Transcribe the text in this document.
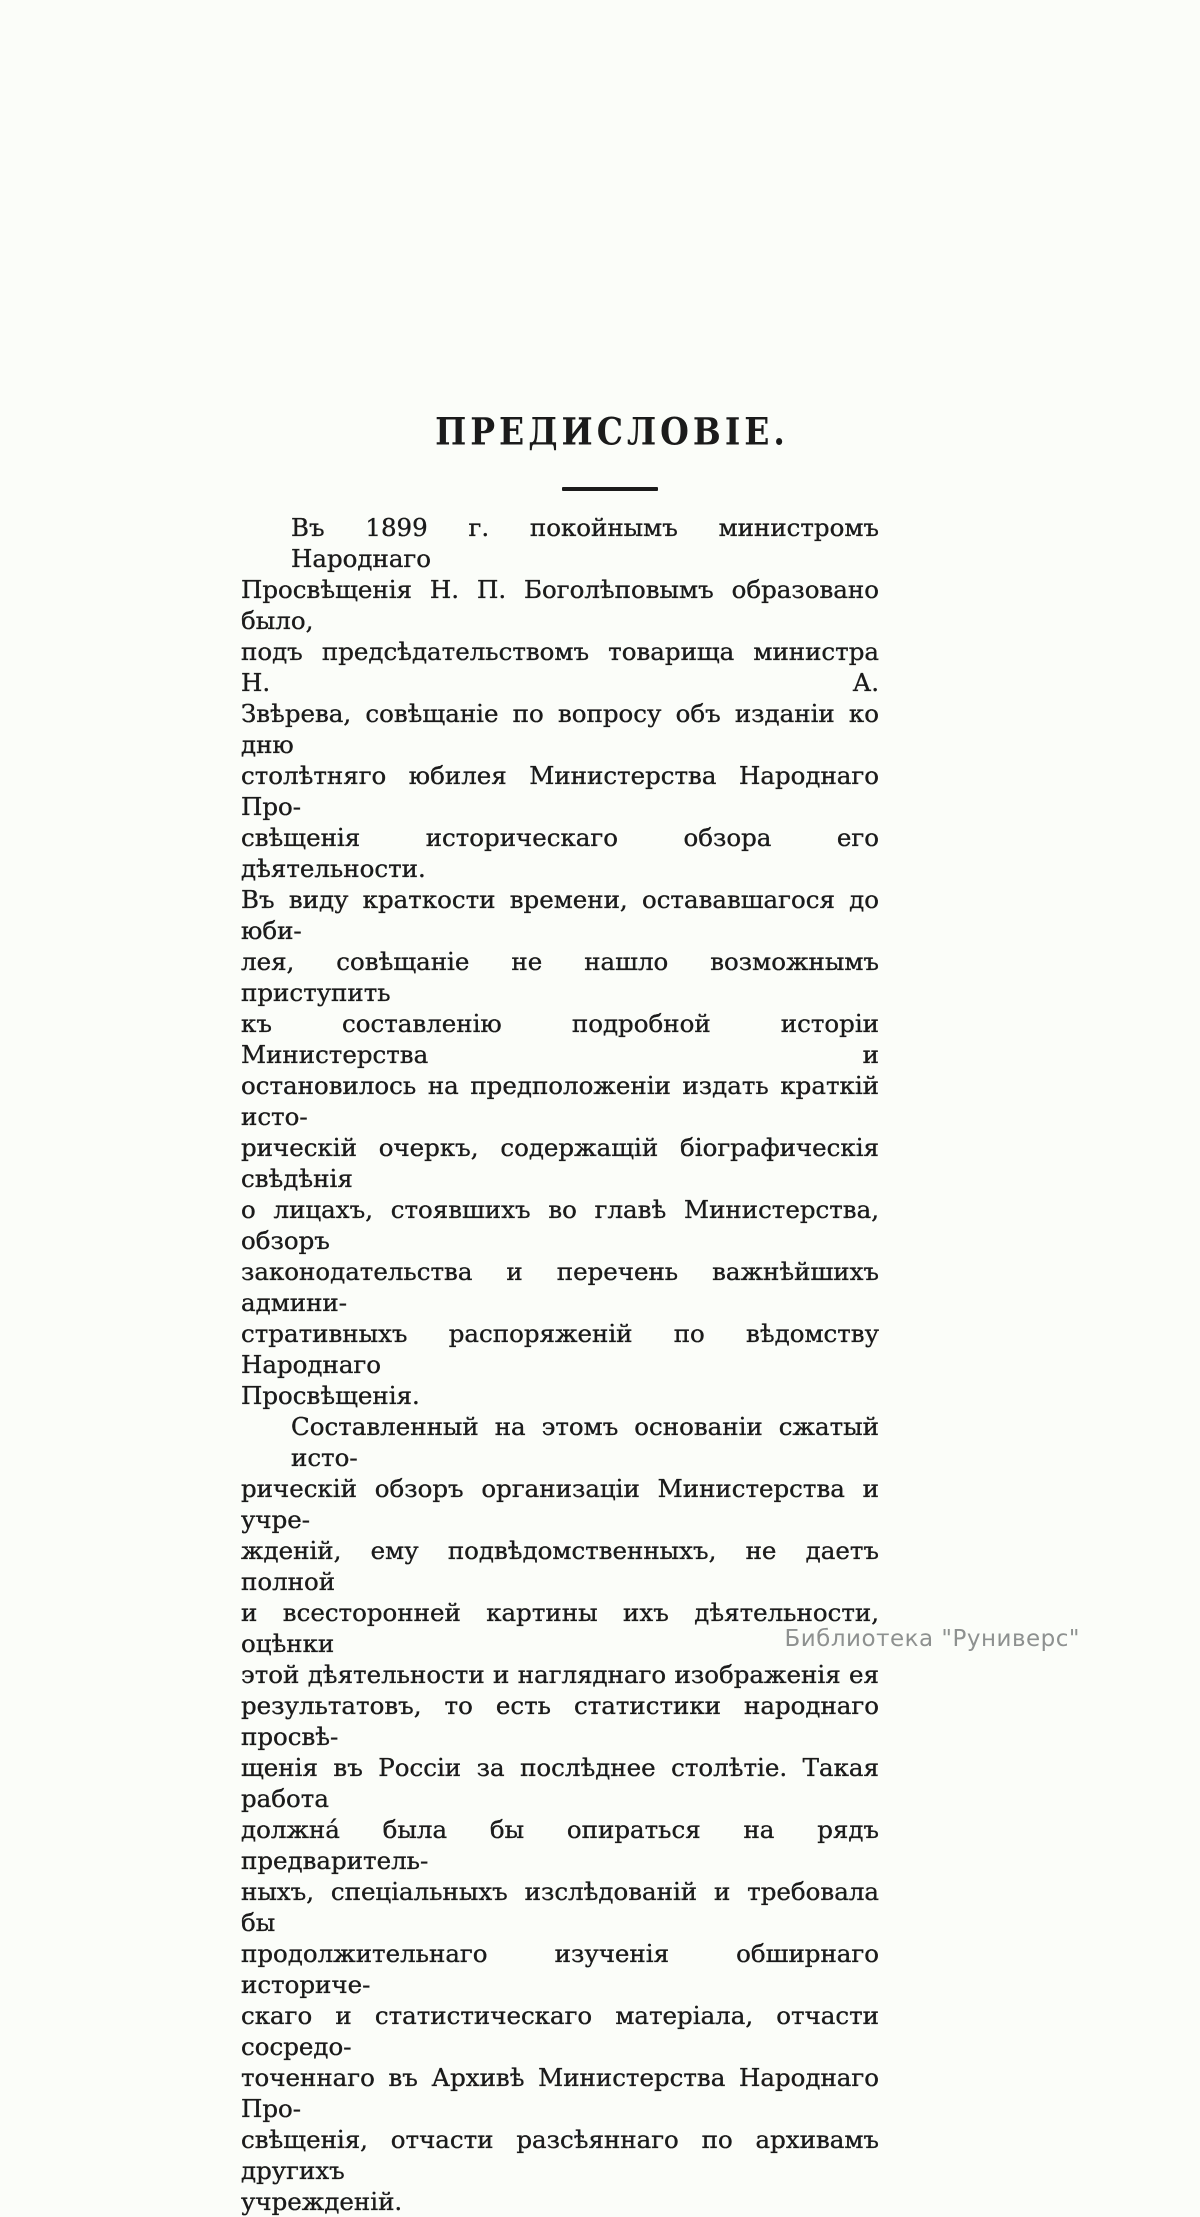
ПРЕДИСЛОВІЕ.

Въ 1899 г. покойнымъ министромъ Народнаго
Просвѣщенія Н. П. Боголѣповымъ образовано было,
подъ предсѣдательствомъ товарища министра Н. А.
Звѣрева, совѣщаніе по вопросу объ изданіи ко дню
столѣтняго юбилея Министерства Народнаго Про-
свѣщенія историческаго обзора его дѣятельности.
Въ виду краткости времени, остававшагося до юби-
лея, совѣщаніе не нашло возможнымъ приступить
къ составленію подробной исторіи Министерства и
остановилось на предположеніи издать краткій исто-
рическій очеркъ, содержащій біографическія свѣдѣнія
о лицахъ, стоявшихъ во главѣ Министерства, обзоръ
законодательства и перечень важнѣйшихъ админи-
стративныхъ распоряженій по вѣдомству Народнаго
Просвѣщенія.

Составленный на этомъ основаніи сжатый исто-
рическій обзоръ организаціи Министерства и учре-
жденій, ему подвѣдомственныхъ, не даетъ полной
и всесторонней картины ихъ дѣятельности, оцѣнки
этой дѣятельности и нагляднаго изображенія ея
результатовъ, то есть статистики народнаго просвѣ-
щенія въ Россіи за послѣднее столѣтіе. Такая работа
должна́ была бы опираться на рядъ предваритель-
ныхъ, спеціальныхъ изслѣдованій и требовала бы
продолжительнаго изученія обширнаго историче-
скаго и статистическаго матеріала, отчасти сосредо-
точеннаго въ Архивѣ Министерства Народнаго Про-
свѣщенія, отчасти разсѣяннаго по архивамъ другихъ
учрежденій.

Библиотека "Руниверс"
